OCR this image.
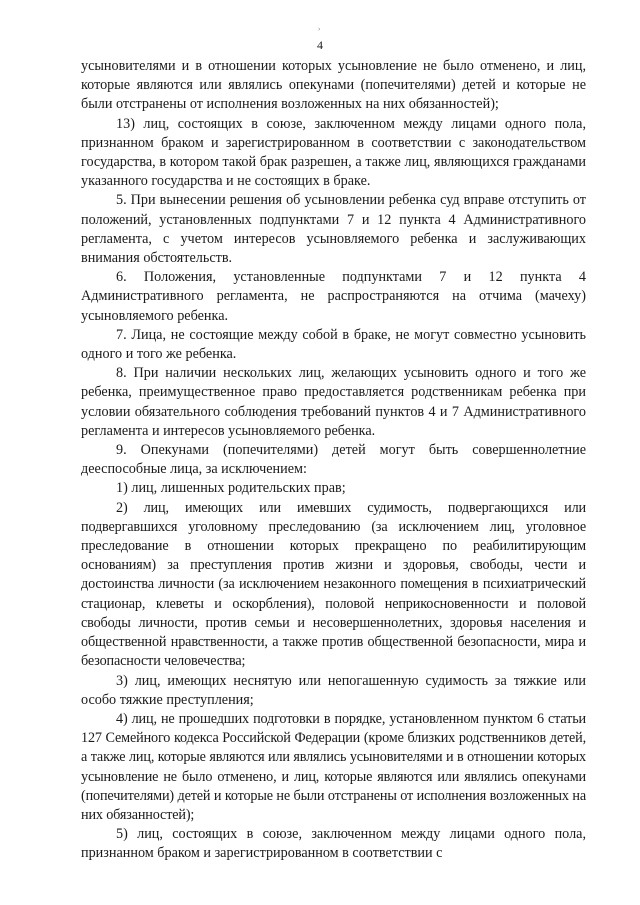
›
4

усыновителями и в отношении которых усыновление не было отменено, и лиц, которые являются или являлись опекунами (попечителями) детей и которые не были отстранены от исполнения возложенных на них обязанностей);

13) лиц, состоящих в союзе, заключенном между лицами одного пола, признанном браком и зарегистрированном в соответствии с законодательством государства, в котором такой брак разрешен, а также лиц, являющихся гражданами указанного государства и не состоящих в браке.

5. При вынесении решения об усыновлении ребенка суд вправе отступить от положений, установленных подпунктами 7 и 12 пункта 4 Административного регламента, с учетом интересов усыновляемого ребенка и заслуживающих внимания обстоятельств.

6. Положения, установленные подпунктами 7 и 12 пункта 4 Административного регламента, не распространяются на отчима (мачеху) усыновляемого ребенка.

7. Лица, не состоящие между собой в браке, не могут совместно усыновить одного и того же ребенка.

8. При наличии нескольких лиц, желающих усыновить одного и того же ребенка, преимущественное право предоставляется родственникам ребенка при условии обязательного соблюдения требований пунктов 4 и 7 Административного регламента и интересов усыновляемого ребенка.

9. Опекунами (попечителями) детей могут быть совершеннолетние дееспособные лица, за исключением:

1) лиц, лишенных родительских прав;

2) лиц, имеющих или имевших судимость, подвергающихся или подвергавшихся уголовному преследованию (за исключением лиц, уголовное преследование в отношении которых прекращено по реабилитирующим основаниям) за преступления против жизни и здоровья, свободы, чести и достоинства личности (за исключением незаконного помещения в психиатрический стационар, клеветы и оскорбления), половой неприкосновенности и половой свободы личности, против семьи и несовершеннолетних, здоровья населения и общественной нравственности, а также против общественной безопасности, мира и безопасности человечества;

3) лиц, имеющих неснятую или непогашенную судимость за тяжкие или особо тяжкие преступления;

4) лиц, не прошедших подготовки в порядке, установленном пунктом 6 статьи 127 Семейного кодекса Российской Федерации (кроме близких родственников детей, а также лиц, которые являются или являлись усыновителями и в отношении которых усыновление не было отменено, и лиц, которые являются или являлись опекунами (попечителями) детей и которые не были отстранены от исполнения возложенных на них обязанностей);

5) лиц, состоящих в союзе, заключенном между лицами одного пола, признанном браком и зарегистрированном в соответствии с
